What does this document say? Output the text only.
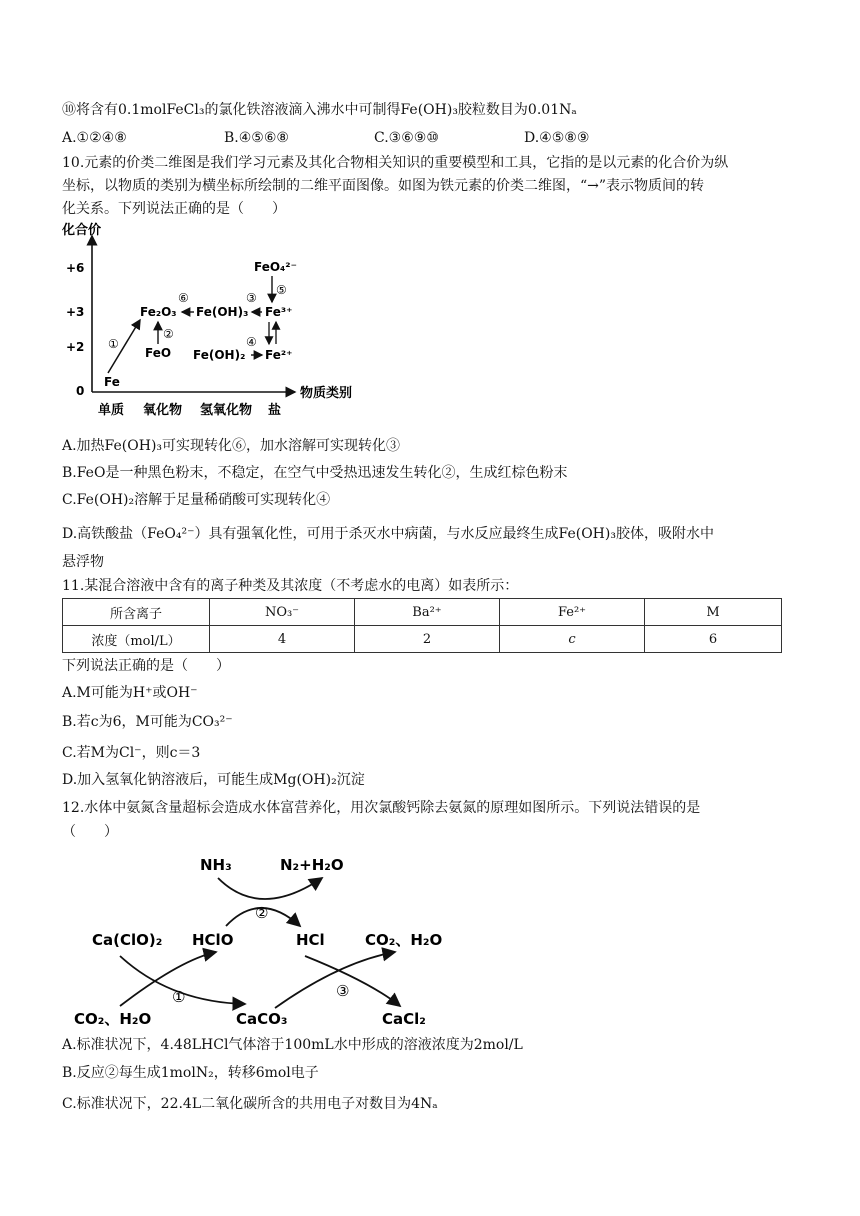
⑩将含有0.1molFeCl₃的氯化铁溶液滴入沸水中可制得Fe(OH)₃胶粒数目为0.01Nₐ
A.①②④⑧	B.④⑤⑥⑧	C.③⑥⑨⑩	D.④⑤⑧⑨
10.元素的价类二维图是我们学习元素及其化合物相关知识的重要模型和工具，它指的是以元素的化合价为纵
坐标，以物质的类别为横坐标所绘制的二维平面图像。如图为铁元素的价类二维图，“→”表示物质间的转
化关系。下列说法正确的是（　　）
化合价
物质类别
+6
+3
+2
0
单质 氧化物 氢氧化物 盐
Fe
Fe₂O₃
FeO
Fe(OH)₃
Fe(OH)₂
Fe³⁺
Fe²⁺
FeO₄²⁻
①
②
③
④
⑤
⑥
A.加热Fe(OH)₃可实现转化⑥，加水溶解可实现转化③
B.FeO是一种黑色粉末，不稳定，在空气中受热迅速发生转化②，生成红棕色粉末
C.Fe(OH)₂溶解于足量稀硝酸可实现转化④
D.高铁酸盐（FeO₄²⁻）具有强氧化性，可用于杀灭水中病菌，与水反应最终生成Fe(OH)₃胶体，吸附水中
悬浮物
11.某混合溶液中含有的离子种类及其浓度（不考虑水的电离）如表所示：
所含离子	NO₃⁻	Ba²⁺	Fe²⁺	M
浓度（mol/L）	4	2	c	6
下列说法正确的是（　　）
A.M可能为H⁺或OH⁻
B.若c为6，M可能为CO₃²⁻
C.若M为Cl⁻，则c＝3
D.加入氢氧化钠溶液后，可能生成Mg(OH)₂沉淀
12.水体中氨氮含量超标会造成水体富营养化，用次氯酸钙除去氨氮的原理如图所示。下列说法错误的是
（　　）
NH₃	N₂+H₂O
Ca(ClO)₂ HClO	HCl	CO₂、H₂O
CO₂、H₂O	CaCO₃	CaCl₂
②
①	③
A.标准状况下，4.48LHCl气体溶于100mL水中形成的溶液浓度为2mol/L
B.反应②每生成1molN₂，转移6mol电子
C.标准状况下，22.4L二氧化碳所含的共用电子对数目为4Nₐ
